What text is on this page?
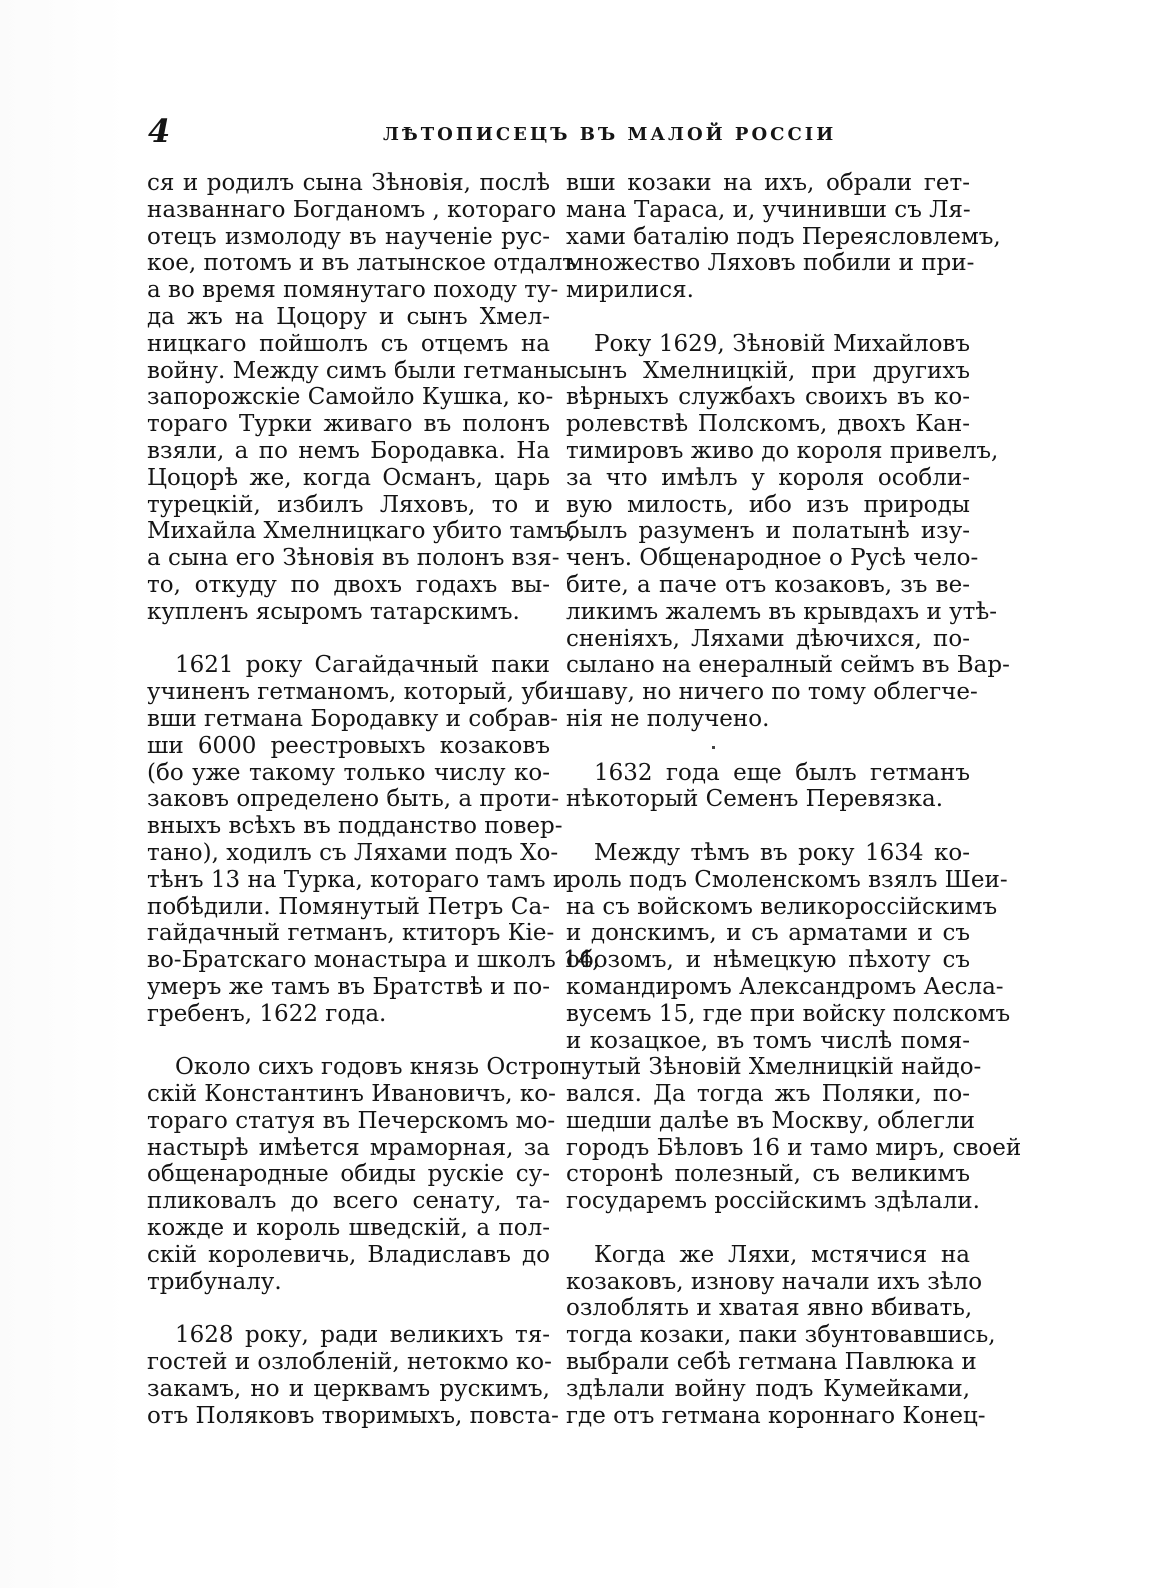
4	ЛѢТОПИСЕЦЪ ВЪ МАЛОЙ РОССІИ
ся и родилъ сына Зѣновія, послѣ
названнаго Богданомъ , котораго
отецъ измолоду въ наученіе рус-
кое, потомъ и въ латынское отдалъ
а во время помянутаго походу ту-
да жъ на Цоцору и сынъ Хмел-
ницкаго пойшолъ съ отцемъ на
войну. Между симъ были гетманы
запорожскіе Самойло Кушка, ко-
тораго Турки живаго въ полонъ
взяли, а по немъ Бородавка. На
Цоцорѣ же, когда Османъ, царь
турецкій, избилъ Ляховъ, то и
Михайла Хмелницкаго убито тамъ,
а сына его Зѣновія въ полонъ взя-
то, откуду по двохъ годахъ вы-
купленъ ясыромъ татарскимъ.
1621 року Сагайдачный паки
учиненъ гетманомъ, который, уби-
вши гетмана Бородавку и собрав-
ши 6000 реестровыхъ козаковъ
(бо уже такому только числу ко-
заковъ определено быть, а проти-
вныхъ всѣхъ въ подданство повер-
тано), ходилъ съ Ляхами подъ Хо-
тѣнъ 13 на Турка, котораго тамъ и
побѣдили. Помянутый Петръ Са-
гайдачный гетманъ, ктиторъ Кіе-
во-Братскаго монастыра и школъ 14,
умеръ же тамъ въ Братствѣ и по-
гребенъ, 1622 года.
Около сихъ годовъ князь Острог-
скій Константинъ Ивановичъ, ко-
тораго статуя въ Печерскомъ мо-
настырѣ имѣется мраморная, за
общенародные обиды рускіе су-
пликовалъ до всего сенату, та-
кожде и король шведскій, а пол-
скій королевичь, Владиславъ до
трибуналу.
1628 року, ради великихъ тя-
гостей и озлобленій, нетокмо ко-
закамъ, но и церквамъ рускимъ,
отъ Поляковъ творимыхъ, повста-
вши козаки на ихъ, обрали гет-
мана Тараса, и, учинивши съ Ля-
хами баталію подъ Переясловлемъ,
множество Ляховъ побили и при-
мирилися.
Року 1629, Зѣновій Михайловъ
сынъ Хмелницкій, при другихъ
вѣрныхъ службахъ своихъ въ ко-
ролевствѣ Полскомъ, двохъ Кан-
тимировъ живо до короля привелъ,
за что имѣлъ у короля особли-
вую милость, ибо изъ природы
былъ разуменъ и полатынѣ изу-
ченъ. Общенародное о Русѣ чело-
бите, а паче отъ козаковъ, зъ ве-
ликимъ жалемъ въ крывдахъ и утѣ-
сненіяхъ, Ляхами дѣючихся, по-
сылано на енералный сеймъ въ Вар-
шаву, но ничего по тому облегче-
нія не получено.
1632 года еще былъ гетманъ
нѣкоторый Семенъ Перевязка.
Между тѣмъ въ року 1634 ко-
роль подъ Смоленскомъ взялъ Шеи-
на съ войскомъ великороссійскимъ
и донскимъ, и съ арматами и съ
обозомъ, и нѣмецкую пѣхоту съ
командиромъ Александромъ Аесла-
вусемъ 15, где при войску полскомъ
и козацкое, въ томъ числѣ помя-
нутый Зѣновій Хмелницкій найдо-
вался. Да тогда жъ Поляки, по-
шедши далѣе въ Москву, облегли
городъ Бѣловъ 16 и тамо миръ, своей
сторонѣ полезный, съ великимъ
государемъ россійскимъ здѣлали.
Когда же Ляхи, мстячися на
козаковъ, изнову начали ихъ зѣло
озлоблять и хватая явно вбивать,
тогда козаки, паки збунтовавшись,
выбрали себѣ гетмана Павлюка и
здѣлали войну подъ Кумейками,
где отъ гетмана короннаго Конец-
